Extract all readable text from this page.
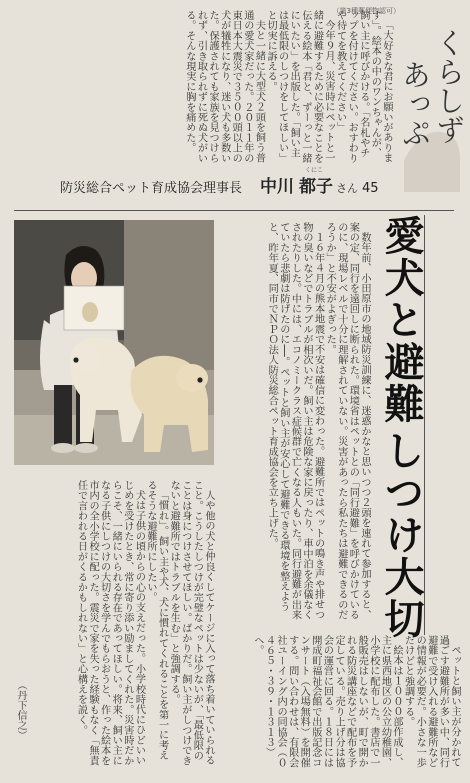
（第3種郵便物認可）
くらしず
あっぷ

「大好きな君にお願いがあります」。絵本の中のワンちゃんが、飼い主に呼びかける。「名札やチップを付けてください。おすわりや待てを教えてください」

今年９月、災害時にペットと一緒に避難するために必要なことを伝える絵本「君と、ずーっと一緒にいたい」を出版した。「飼い主は最低限のしつけをしてほしい」と切実に訴える。

夫と一緒に大型犬２頭を飼う普通の愛犬家だった。２０１１年の東日本大震災で３５００頭以上の犬が犠牲になり、迷い犬も多数いた。保護されても家族を見つけられず、引き取られずに死ぬ犬がいる。そんな現実に胸を痛めた。

防災総合ペット育成協会理事長 中川
くにこ
都子 さん 45
愛犬と避難
しつけ大切

数年前、小田原市の地域防災訓練に、迷惑かなと思いつつ２頭を連れて参加すると、案の定、同行を遠回しに断られた。環境省はペットとの「同行避難」を呼びかけているのに、現場レベルで十分に理解されていない。災害があったら私たちは避難できるのだろうか」と不安がよぎった。

１６年４月の熊本地震で不安は確信に変わった。避難所ではペットの鳴き声や排せつ物の臭いなどでトラブルが相次いだ。飼い主は危険な家に戻ったり、車中泊を余儀なくされたりした。中には、エコノミークラス症候群で亡くなる人もいた。同行避難が出来ていたら悲劇は防げたのに──。ペットと飼い主が安心して避難できる環境を整えようと、昨年夏、同市でＮＰＯ法人防災総合ペット育成協会を立ち上げた。

人や他の犬と仲良くしてケージに入って落ち着いていられること。こうしたしつけが完璧なペットは少ないが、「最低限のことは身につけさせてほしい。ばかりだ。飼い主がしつけできないと避難所ではトラブルを生む」と強調する。

「慣れ」。飼い主や犬、犬に慣れてくれることを第一に考えるそうな避難所にしたい。

犬は子供の頃からの心の支えだった。小学校時代にひどいいじめを受けたとき、常に寄り添い励ましてくれた。災害時だからこそ、一緒にいられる存在であってほしい。将来、飼い主になる子供にしつけの大切さを学んでもらおうと、作った絵本を市内の全小学校に配った。震災で家を失った経験もなく「無責任で言われる日がくるかもしれない」と心構えを説く。	ペットと飼い主が分かれて過ごす避難所が多い中、同行避難で受け入れる避難所などの情報が必要だ。小さな一歩だけどと強調する。

絵本は１０００部作成し、主に県西地区の公立幼稚園、小学校に配布した。書店で一般販売はしないが、町で開かれる防災講座などで配布を予定している。売り上げ分は協会の運営に回る。１８日には開成町福祉会館で出版記念コンサート（入場無料）を開催する。問い合わせは、有限会社ユーイング内の同協会（０４６５・３９・１３１３）へ。

（丹下信之）
